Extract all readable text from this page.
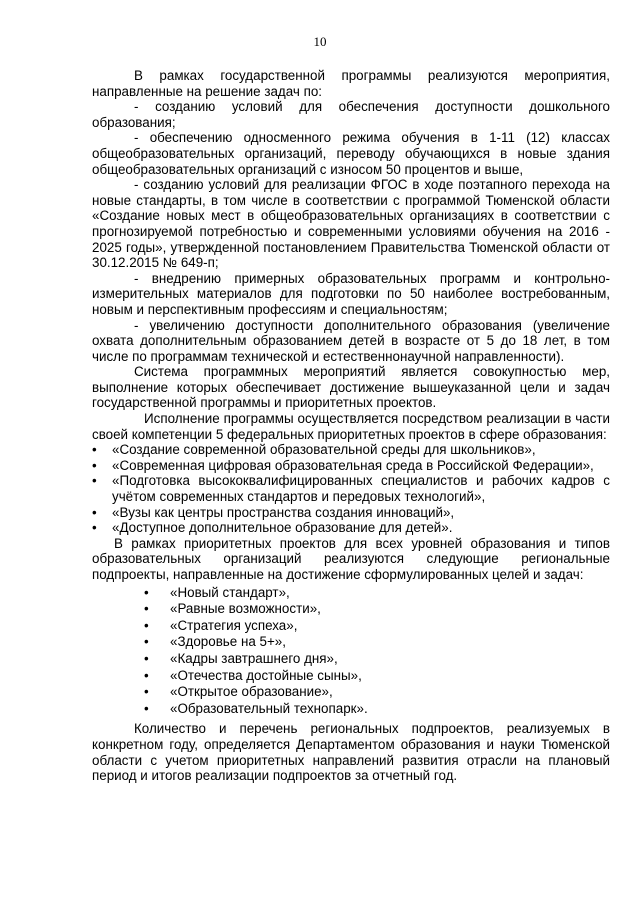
10

В рамках государственной программы реализуются мероприятия, направленные на решение задач по:

- созданию условий для обеспечения доступности дошкольного образования;

- обеспечению односменного режима обучения в 1-11 (12) классах общеобразовательных организаций, переводу обучающихся в новые здания общеобразовательных организаций с износом 50 процентов и выше,

- созданию условий для реализации ФГОС в ходе поэтапного перехода на новые стандарты, в том числе в соответствии с программой Тюменской области «Создание новых мест в общеобразовательных организациях в соответствии с прогнозируемой потребностью и современными условиями обучения на 2016 - 2025 годы», утвержденной постановлением Правительства Тюменской области от 30.12.2015 № 649-п;

- внедрению примерных образовательных программ и контрольно-измерительных материалов для подготовки по 50 наиболее востребованным, новым и перспективным профессиям и специальностям;

- увеличению доступности дополнительного образования (увеличение охвата дополнительным образованием детей в возрасте от 5 до 18 лет, в том числе по программам технической и естественнонаучной направленности).

Система программных мероприятий является совокупностью мер, выполнение которых обеспечивает достижение вышеуказанной цели и задач государственной программы и приоритетных проектов.

Исполнение программы осуществляется посредством реализации в части своей компетенции 5 федеральных приоритетных проектов в сфере образования:

• «Создание современной образовательной среды для школьников»,
• «Современная цифровая образовательная среда в Российской Федерации»,
• «Подготовка высококвалифицированных специалистов и рабочих кадров с учётом современных стандартов и передовых технологий»,
• «Вузы как центры пространства создания инноваций»,
• «Доступное дополнительное образование для детей».

В рамках приоритетных проектов для всех уровней образования и типов образовательных организаций реализуются следующие региональные подпроекты, направленные на достижение сформулированных целей и задач:

• «Новый стандарт»,
• «Равные возможности»,
• «Стратегия успеха»,
• «Здоровье на 5+»,
• «Кадры завтрашнего дня»,
• «Отечества достойные сыны»,
• «Открытое образование»,
• «Образовательный технопарк».

Количество и перечень региональных подпроектов, реализуемых в конкретном году, определяется Департаментом образования и науки Тюменской области с учетом приоритетных направлений развития отрасли на плановый период и итогов реализации подпроектов за отчетный год.
